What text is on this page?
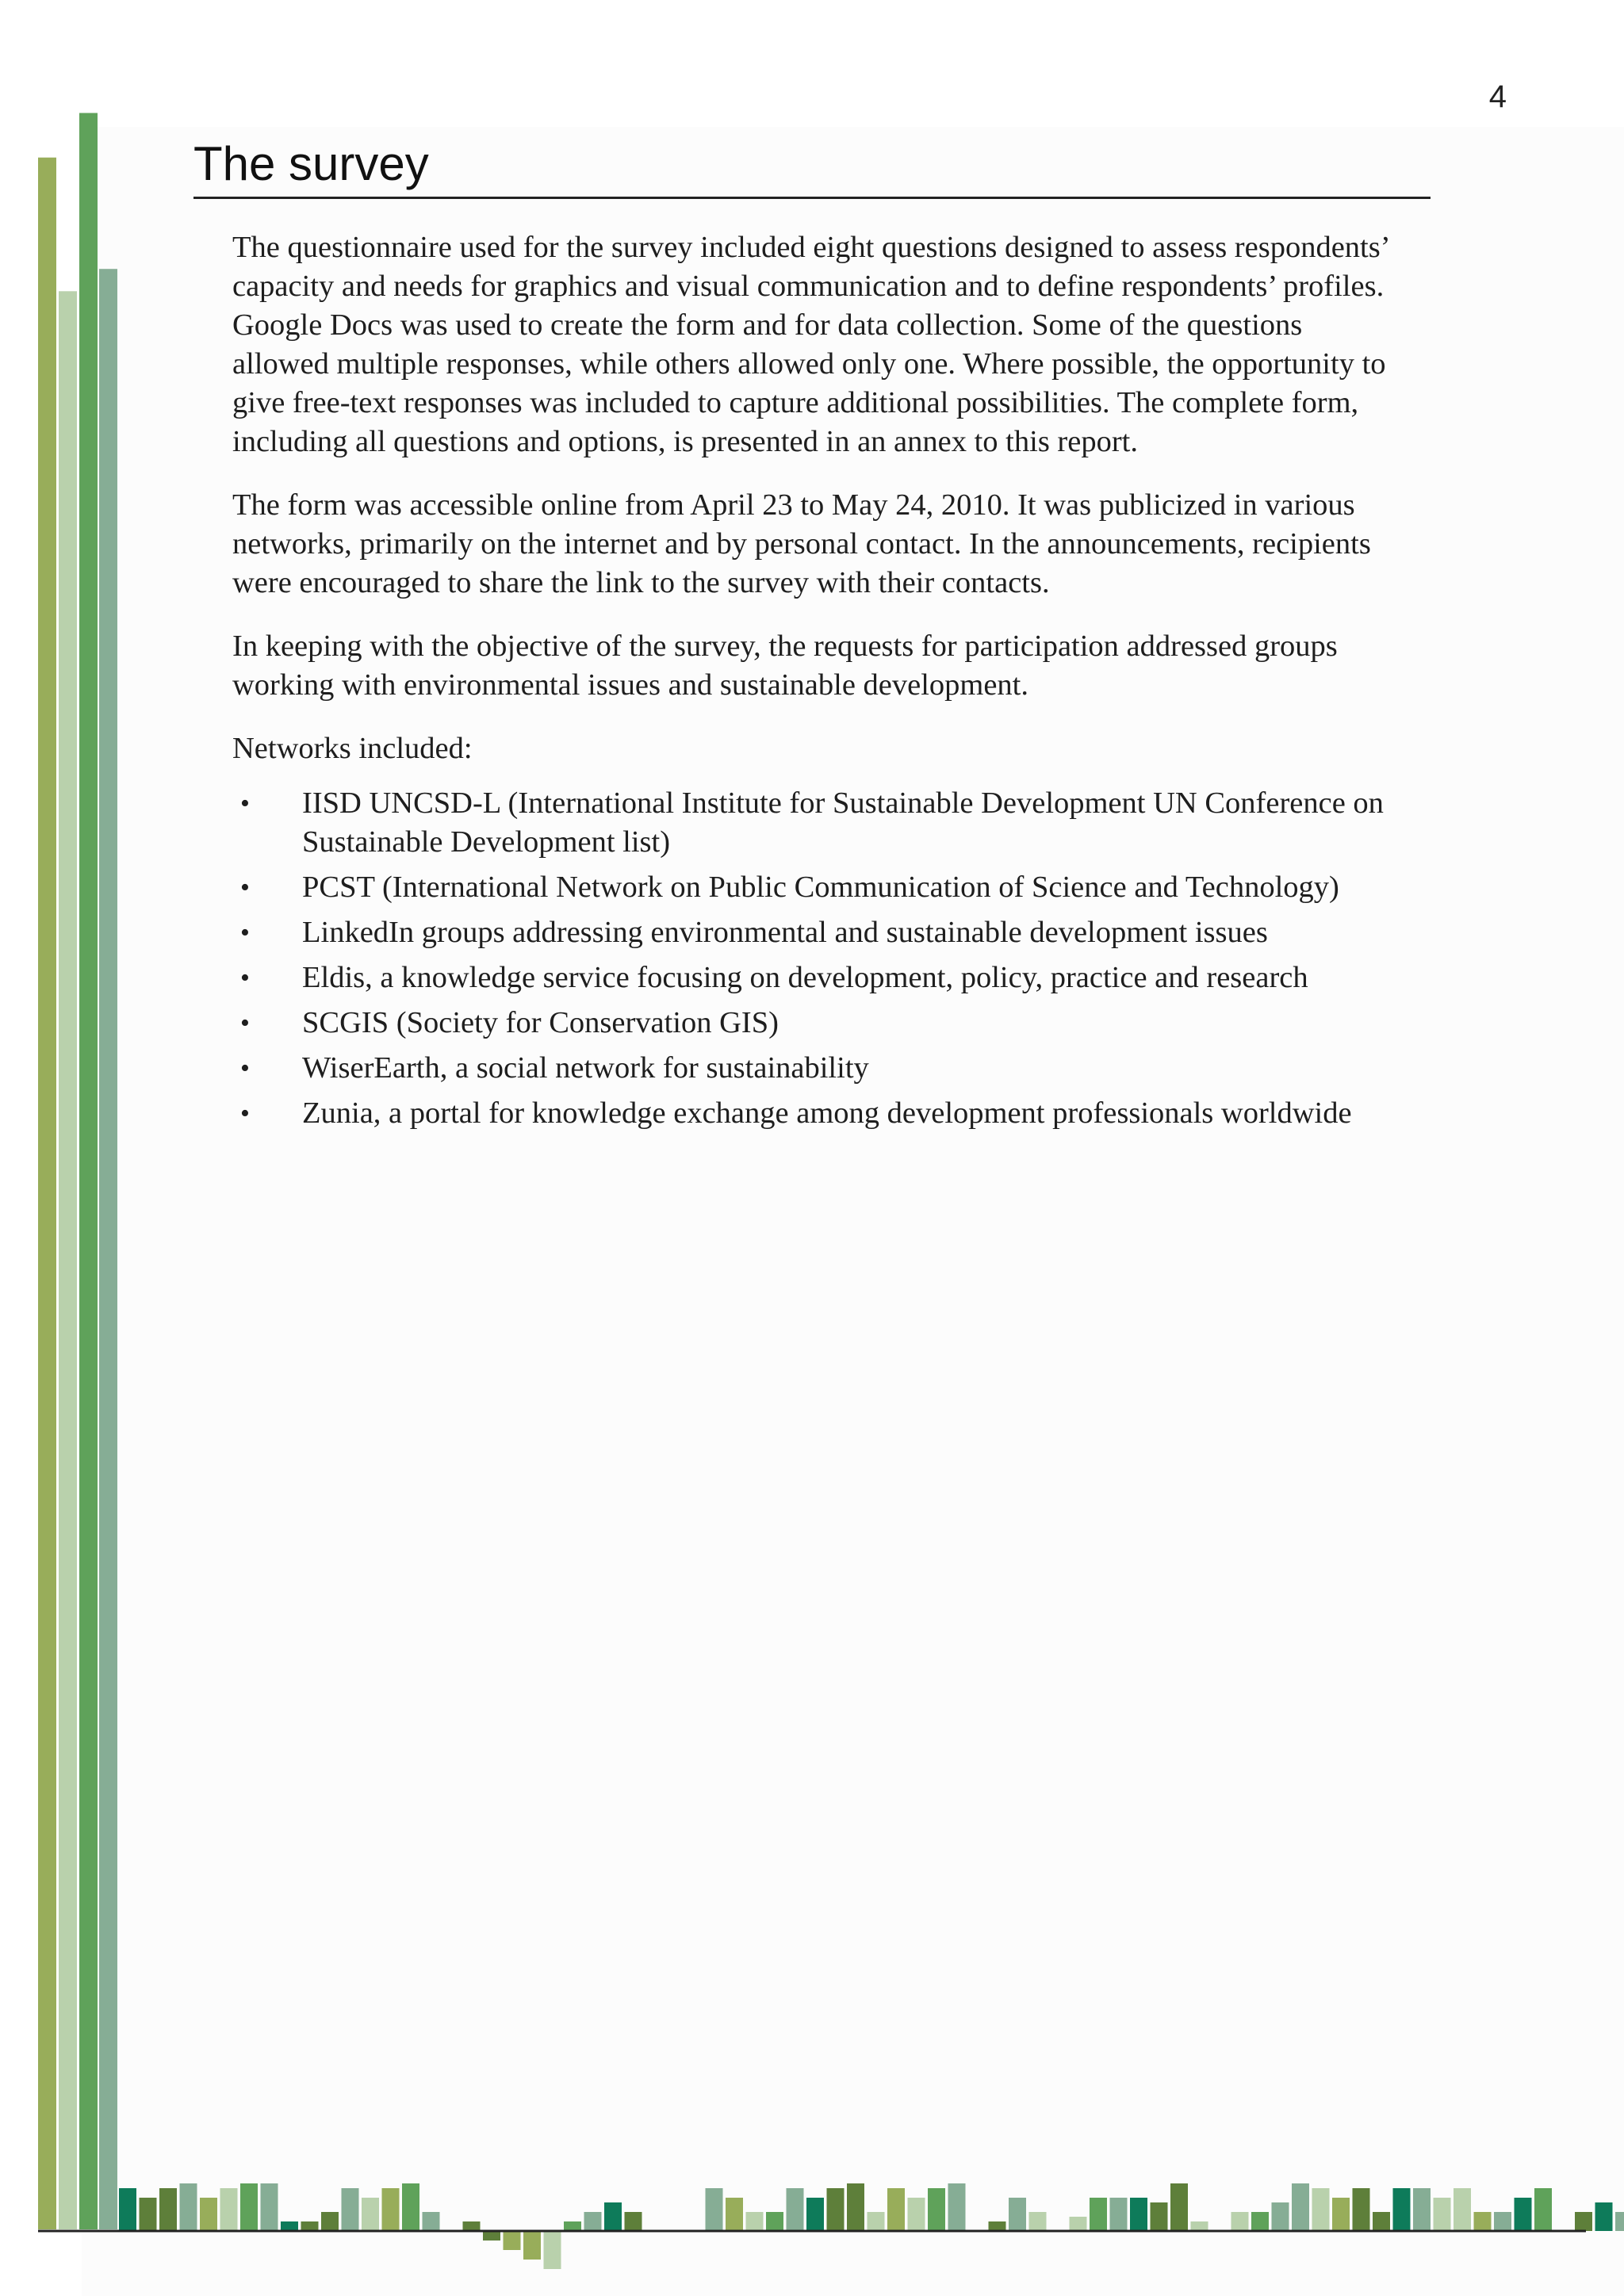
4
The survey

The questionnaire used for the survey included eight questions designed to assess respondents’ capacity and needs for graphics and visual communication and to define respondents’ profiles. Google Docs was used to create the form and for data collection. Some of the questions allowed multiple responses, while others allowed only one. Where possible, the opportunity to give free-text responses was included to capture additional possibilities. The complete form, including all questions and options, is presented in an annex to this report.

The form was accessible online from April 23 to May 24, 2010. It was publicized in various networks, primarily on the internet and by personal contact. In the announcements, recipients were encouraged to share the link to the survey with their contacts.

In keeping with the objective of the survey, the requests for participation addressed groups working with environmental issues and sustainable development.

Networks included:

• IISD UNCSD-L (International Institute for Sustainable Development UN Conference on Sustainable Development list)
• PCST (International Network on Public Communication of Science and Technology)
• LinkedIn groups addressing environmental and sustainable development issues
• Eldis, a knowledge service focusing on development, policy, practice and research
• SCGIS (Society for Conservation GIS)
• WiserEarth, a social network for sustainability
• Zunia, a portal for knowledge exchange among development professionals worldwide
